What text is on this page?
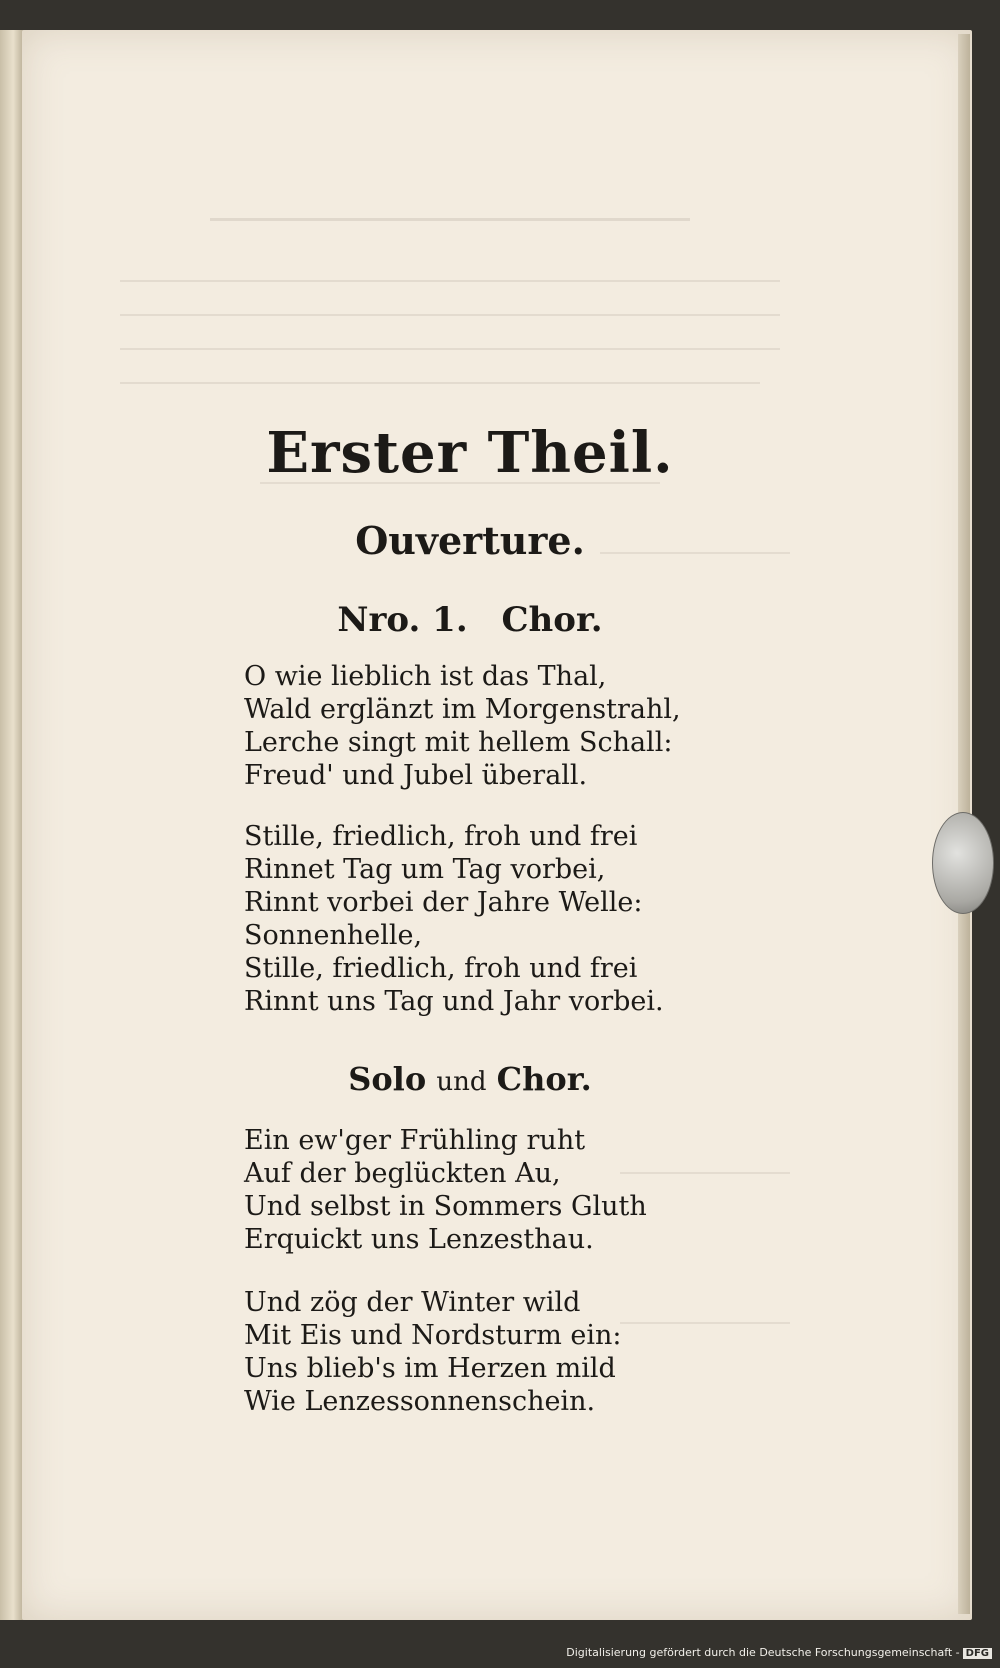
Erster Theil.
Ouverture.
Nro. 1. Chor.
O wie lieblich ist das Thal,
Wald erglänzt im Morgenstrahl,
Lerche singt mit hellem Schall:
Freud' und Jubel überall.
Stille, friedlich, froh und frei
Rinnet Tag um Tag vorbei,
Rinnt vorbei der Jahre Welle:
Sonnenhelle,
Stille, friedlich, froh und frei
Rinnt uns Tag und Jahr vorbei.
Solo und Chor.
Ein ew'ger Frühling ruht
Auf der beglückten Au,
Und selbst in Sommers Gluth
Erquickt uns Lenzesthau.
Und zög der Winter wild
Mit Eis und Nordsturm ein:
Uns blieb's im Herzen mild
Wie Lenzessonnenschein.
Digitalisierung gefördert durch die Deutsche Forschungsgemeinschaft - DFG
